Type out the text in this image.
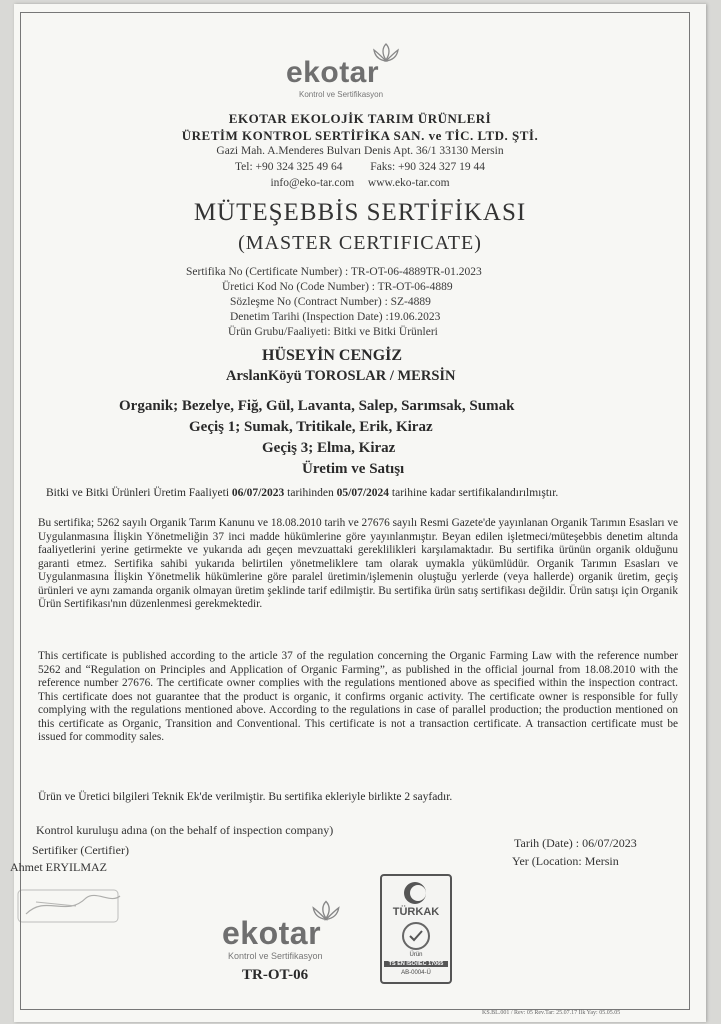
ekotar
Kontrol ve Sertifikasyon
EKOTAR EKOLOJİK TARIM ÜRÜNLERİ
ÜRETİM KONTROL SERTİFİKA SAN. ve TİC. LTD. ŞTİ.
Gazi Mah. A.Menderes Bulvarı Denis Apt. 36/1 33130 Mersin
Tel: +90 324 325 49 64 Faks: +90 324 327 19 44
info@eko-tar.com www.eko-tar.com
MÜTEŞEBBİS SERTİFİKASI
(MASTER CERTIFICATE)
Sertifika No (Certificate Number) : TR-OT-06-4889TR-01.2023
Üretici Kod No (Code Number) : TR-OT-06-4889
Sözleşme No (Contract Number) : SZ-4889
Denetim Tarihi (Inspection Date) :19.06.2023
Ürün Grubu/Faaliyeti: Bitki ve Bitki Ürünleri
HÜSEYİN CENGİZ
ArslanKöyü TOROSLAR / MERSİN
Organik; Bezelye, Fiğ, Gül, Lavanta, Salep, Sarımsak, Sumak
Geçiş 1; Sumak, Tritikale, Erik, Kiraz
Geçiş 3; Elma, Kiraz
Üretim ve Satışı
Bitki ve Bitki Ürünleri Üretim Faaliyeti 06/07/2023 tarihinden 05/07/2024 tarihine kadar sertifikalandırılmıştır.
Bu sertifika; 5262 sayılı Organik Tarım Kanunu ve 18.08.2010 tarih ve 27676 sayılı Resmi Gazete'de yayınlanan Organik Tarımın Esasları ve Uygulanmasına İlişkin Yönetmeliğin 37 inci madde hükümlerine göre yayınlanmıştır. Beyan edilen işletmeci/müteşebbis denetim altında faaliyetlerini yerine getirmekte ve yukarıda adı geçen mevzuattaki gereklilikleri karşılamaktadır. Bu sertifika ürünün organik olduğunu garanti etmez. Sertifika sahibi yukarıda belirtilen yönetmeliklere tam olarak uymakla yükümlüdür. Organik Tarımın Esasları ve Uygulanmasına İlişkin Yönetmelik hükümlerine göre paralel üretimin/işlemenin oluştuğu yerlerde (veya hallerde) organik üretim, geçiş ürünleri ve aynı zamanda organik olmayan üretim şeklinde tarif edilmiştir. Bu sertifika ürün satış sertifikası değildir. Ürün satışı için Organik Ürün Sertifikası'nın düzenlenmesi gerekmektedir.
This certificate is published according to the article 37 of the regulation concerning the Organic Farming Law with the reference number 5262 and “Regulation on Principles and Application of Organic Farming”, as published in the official journal from 18.08.2010 with the reference number 27676. The certificate owner complies with the regulations mentioned above as specified within the inspection contract. This certificate does not guarantee that the product is organic, it confirms organic activity. The certificate owner is responsible for fully complying with the regulations mentioned above. According to the regulations in case of parallel production; the production mentioned on this certificate as Organic, Transition and Conventional. This certificate is not a transaction certificate. A transaction certificate must be issued for commodity sales.
Ürün ve Üretici bilgileri Teknik Ek'de verilmiştir. Bu sertifika ekleriyle birlikte 2 sayfadır.
Kontrol kuruluşu adına (on the behalf of inspection company)
Sertifiker (Certifier)
Ahmet ERYILMAZ
Tarih (Date) : 06/07/2023
Yer (Location: Mersin
ekotar
Kontrol ve Sertifikasyon
TR-OT-06
TÜRKAK
Ürün
TS EN ISO/IEC 17065
AB-0004-Ü
KS.BL.001 / Rev: 05 Rev.Tar: 25.07.17 İlk Yay: 05.05.05
